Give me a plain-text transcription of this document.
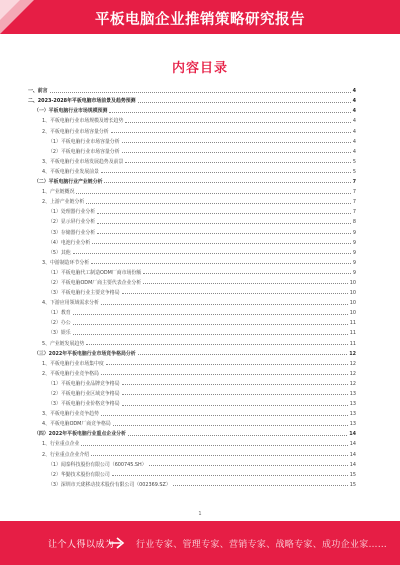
平板电脑企业推销策略研究报告
内容目录
一、前言	4
二、2023-2028年平板电脑市场前景及趋势预测	4
（一）平板电脑行业市场规模预测	4
1、平板电脑行业市场规模及增长趋势	4
2、平板电脑行业市场容量分析	4
（1）平板电脑行业市场容量分析	4
（2）平板电脑行业市场容量分析	4
3、平板电脑行业市场发展趋势及前景	5
4、平板电脑行业发展前景	5
（二）平板电脑行业产业链分析	7
1、产业链概况	7
2、上游产业链分析	7
（1）处理器行业分析	7
（2）显示屏行业分析	8
（3）存储器行业分析	9
（4）电池行业分析	9
（5）其他	9
3、中游制造环节分析	9
（1）平板电脑代工制造ODM厂商市场份额	9
（2）平板电脑ODM厂商主要代表企业分析	10
（3）平板电脑行业主要竞争格局	10
4、下游应用领域需求分析	10
（1）教育	10
（2）办公	11
（3）娱乐	11
5、产业链发展趋势	11
（三）2022年平板电脑行业市场竞争格局分析	12
1、平板电脑行业市场集中度	12
2、平板电脑行业竞争格局	12
（1）平板电脑行业品牌竞争格局	12
（2）平板电脑行业区域竞争格局	13
（3）平板电脑行业价格竞争格局	13
3、平板电脑行业竞争趋势	13
4、平板电脑ODM厂商竞争格局	13
（四）2022年平板电脑行业重点企业分析	14
1、行业重点企业	14
2、行业重点企业介绍	14
（1）闻泰科技股份有限公司（600745.SH）	14
（2）华勤技术股份有限公司	15
（3）深圳市天珑移动技术股份有限公司（002369.SZ）	15
1
让个人得以成为 行业专家、管理专家、营销专家、战略专家、成功企业家……
